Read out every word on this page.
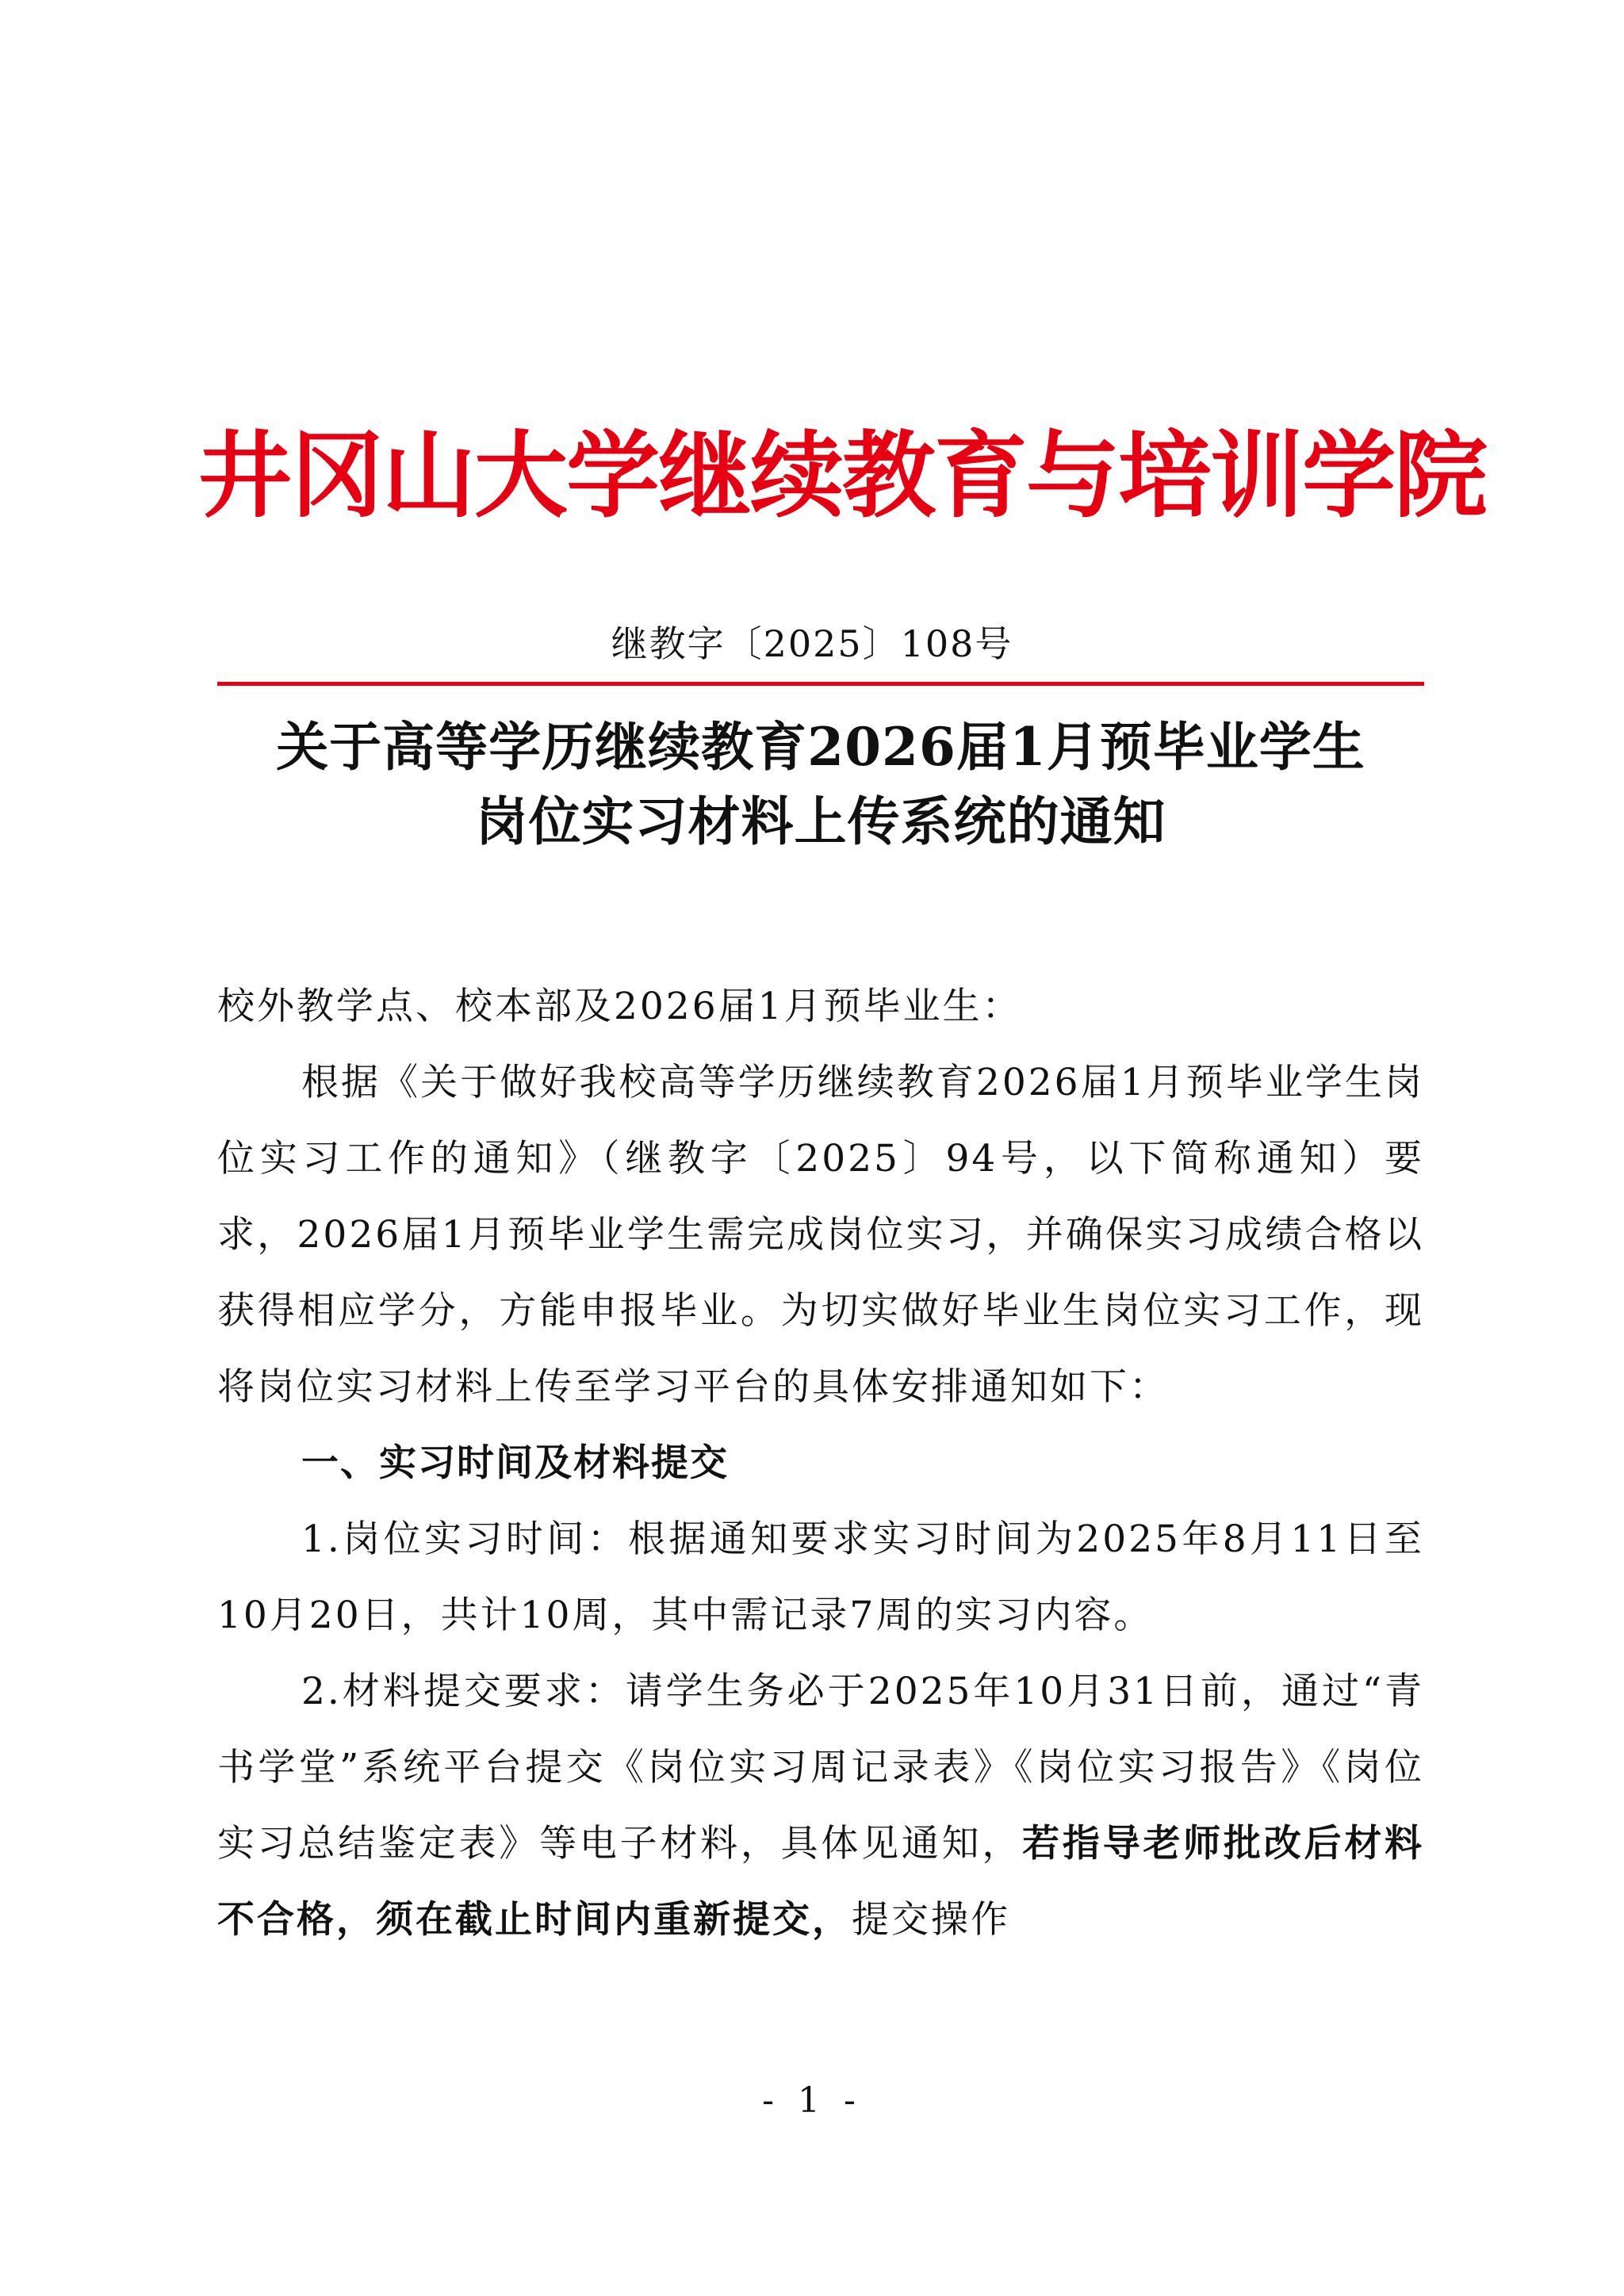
井冈山大学继续教育与培训学院
继教字〔2025〕108号
关于高等学历继续教育2026届1月预毕业学生
岗位实习材料上传系统的通知

校外教学点、校本部及2026届1月预毕业生：

根据《关于做好我校高等学历继续教育2026届1月预毕业学生岗位实习工作的通知》（继教字〔2025〕94号，以下简称通知）要求，2026届1月预毕业学生需完成岗位实习，并确保实习成绩合格以获得相应学分，方能申报毕业。为切实做好毕业生岗位实习工作，现将岗位实习材料上传至学习平台的具体安排通知如下：

一、实习时间及材料提交

1.岗位实习时间：根据通知要求实习时间为2025年8月11日至10月20日，共计10周，其中需记录7周的实习内容。

2.材料提交要求：请学生务必于2025年10月31日前，通过“青书学堂”系统平台提交《岗位实习周记录表》《岗位实习报告》《岗位实习总结鉴定表》等电子材料，具体见通知，若指导老师批改后材料不合格，须在截止时间内重新提交，提交操作

- 1 -
